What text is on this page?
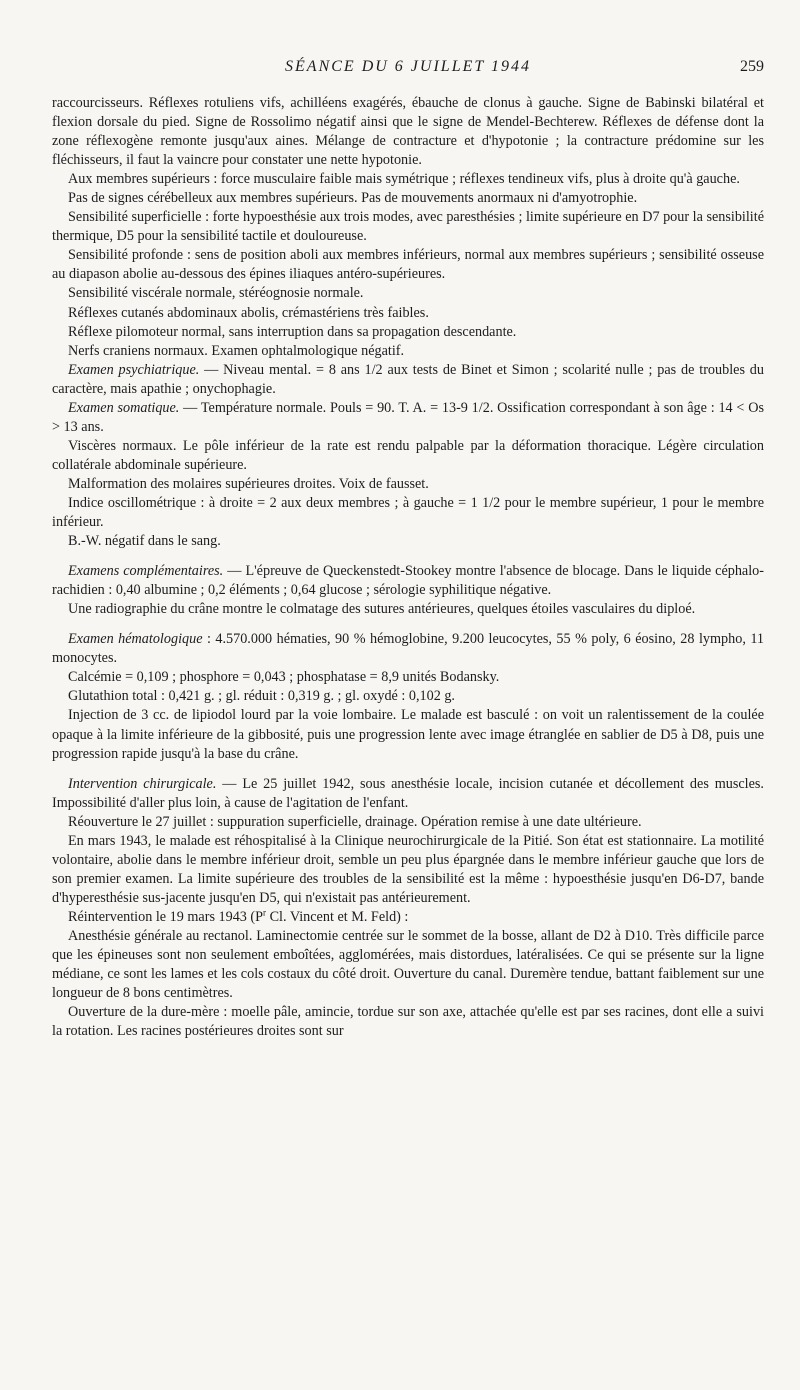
SÉANCE DU 6 JUILLET 1944	259

raccourcisseurs. Réflexes rotuliens vifs, achilléens exagérés, ébauche de clonus à gauche. Signe de Babinski bilatéral et flexion dorsale du pied. Signe de Rossolimo négatif ainsi que le signe de Mendel-Bechterew. Réflexes de défense dont la zone réflexogène remonte jusqu'aux aines. Mélange de contracture et d'hypotonie ; la contracture prédomine sur les fléchisseurs, il faut la vaincre pour constater une nette hypotonie.

Aux membres supérieurs : force musculaire faible mais symétrique ; réflexes tendineux vifs, plus à droite qu'à gauche.

Pas de signes cérébelleux aux membres supérieurs. Pas de mouvements anormaux ni d'amyotrophie.

Sensibilité superficielle : forte hypoesthésie aux trois modes, avec paresthésies ; limite supérieure en D7 pour la sensibilité thermique, D5 pour la sensibilité tactile et douloureuse.

Sensibilité profonde : sens de position aboli aux membres inférieurs, normal aux membres supérieurs ; sensibilité osseuse au diapason abolie au-dessous des épines iliaques antéro-supérieures.

Sensibilité viscérale normale, stéréognosie normale.

Réflexes cutanés abdominaux abolis, crémastériens très faibles.

Réflexe pilomoteur normal, sans interruption dans sa propagation descendante.

Nerfs craniens normaux. Examen ophtalmologique négatif.

Examen psychiatrique. — Niveau mental. = 8 ans 1/2 aux tests de Binet et Simon ; scolarité nulle ; pas de troubles du caractère, mais apathie ; onychophagie.

Examen somatique. — Température normale. Pouls = 90. T. A. = 13-9 1/2. Ossification correspondant à son âge : 14 < Os > 13 ans.

Viscères normaux. Le pôle inférieur de la rate est rendu palpable par la déformation thoracique. Légère circulation collatérale abdominale supérieure.

Malformation des molaires supérieures droites. Voix de fausset.

Indice oscillométrique : à droite = 2 aux deux membres ; à gauche = 1 1/2 pour le membre supérieur, 1 pour le membre inférieur.

B.-W. négatif dans le sang.

Examens complémentaires. — L'épreuve de Queckenstedt-Stookey montre l'absence de blocage. Dans le liquide céphalo-rachidien : 0,40 albumine ; 0,2 éléments ; 0,64 glucose ; sérologie syphilitique négative.

Une radiographie du crâne montre le colmatage des sutures antérieures, quelques étoiles vasculaires du diploé.

Examen hématologique : 4.570.000 hématies, 90 % hémoglobine, 9.200 leucocytes, 55 % poly, 6 éosino, 28 lympho, 11 monocytes.

Calcémie = 0,109 ; phosphore = 0,043 ; phosphatase = 8,9 unités Bodansky.

Glutathion total : 0,421 g. ; gl. réduit : 0,319 g. ; gl. oxydé : 0,102 g.

Injection de 3 cc. de lipiodol lourd par la voie lombaire. Le malade est basculé : on voit un ralentissement de la coulée opaque à la limite inférieure de la gibbosité, puis une progression lente avec image étranglée en sablier de D5 à D8, puis une progression rapide jusqu'à la base du crâne.

Intervention chirurgicale. — Le 25 juillet 1942, sous anesthésie locale, incision cutanée et décollement des muscles. Impossibilité d'aller plus loin, à cause de l'agitation de l'enfant.

Réouverture le 27 juillet : suppuration superficielle, drainage. Opération remise à une date ultérieure.

En mars 1943, le malade est réhospitalisé à la Clinique neurochirurgicale de la Pitié. Son état est stationnaire. La motilité volontaire, abolie dans le membre inférieur droit, semble un peu plus épargnée dans le membre inférieur gauche que lors de son premier examen. La limite supérieure des troubles de la sensibilité est la même : hypoesthésie jusqu'en D6-D7, bande d'hyperesthésie sus-jacente jusqu'en D5, qui n'existait pas antérieurement.

Réintervention le 19 mars 1943 ($P^r$ Cl. Vincent et M. Feld) :

Anesthésie générale au rectanol. Laminectomie centrée sur le sommet de la bosse, allant de D2 à D10. Très difficile parce que les épineuses sont non seulement emboîtées, agglomérées, mais distordues, latéralisées. Ce qui se présente sur la ligne médiane, ce sont les lames et les cols costaux du côté droit. Ouverture du canal. Duremère tendue, battant faiblement sur une longueur de 8 bons centimètres.

Ouverture de la dure-mère : moelle pâle, amincie, tordue sur son axe, attachée qu'elle est par ses racines, dont elle a suivi la rotation. Les racines postérieures droites sont sur
